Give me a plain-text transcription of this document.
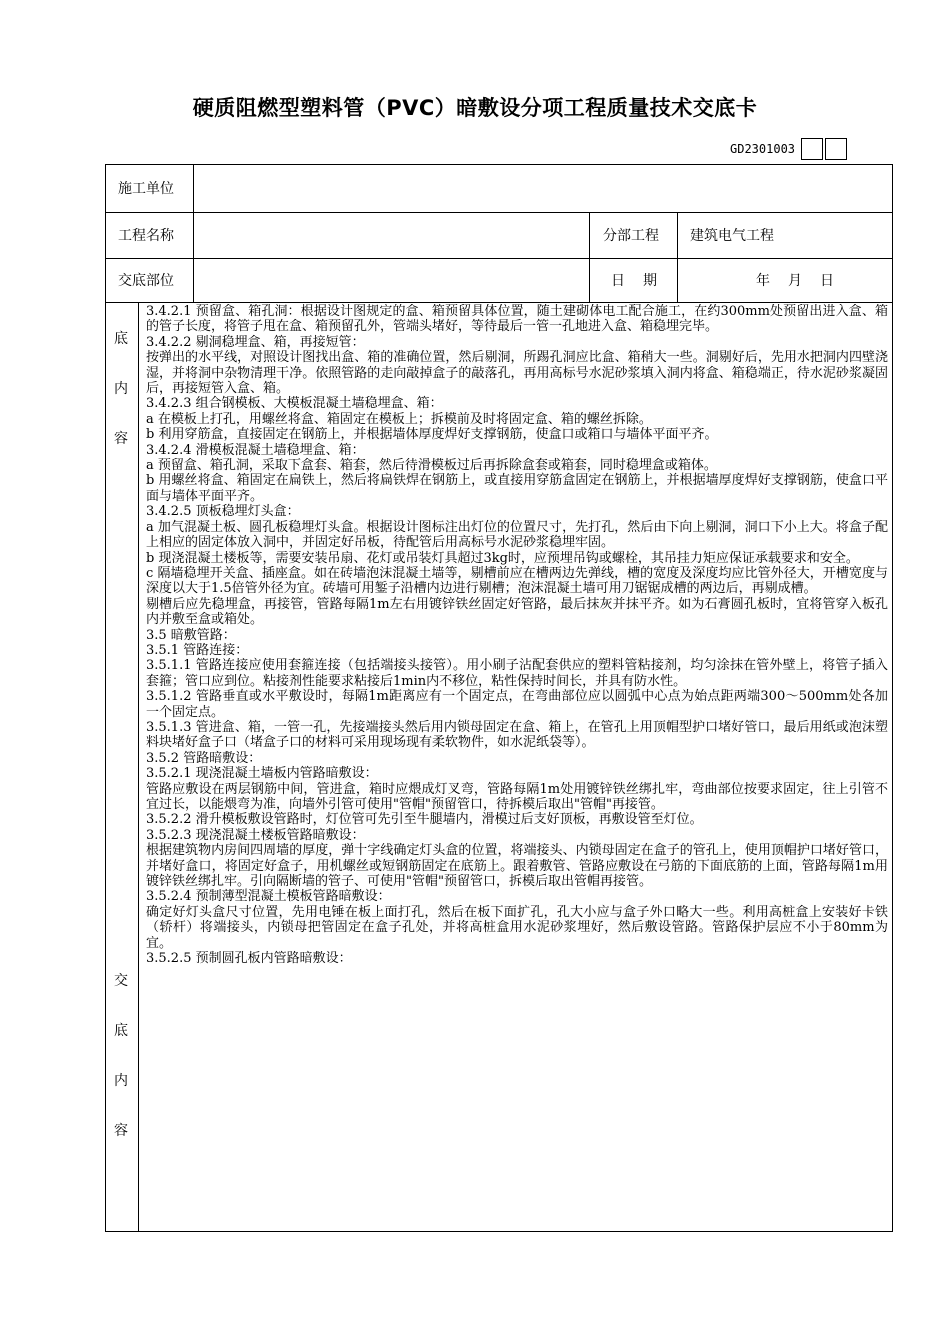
硬质阻燃型塑料管（PVC）暗敷设分项工程质量技术交底卡
GD2301003
施工单位
工程名称	分部工程 建筑电气工程
交底部位	日　期	年　月　日
底
内
容
交
底
内
容

3.4.2.1 预留盒、箱孔洞：根据设计图规定的盒、箱预留具体位置，随土建砌体电工配合施工，在约300mm处预留出进入盒、箱的管子长度，将管子甩在盒、箱预留孔外，管端头堵好，等待最后一管一孔地进入盒、箱稳埋完毕。

3.4.2.2 剔洞稳埋盒、箱，再接短管：

按弹出的水平线，对照设计图找出盒、箱的准确位置，然后剔洞，所踢孔洞应比盒、箱稍大一些。洞剔好后，先用水把洞内四壁浇湿，并将洞中杂物清理干净。依照管路的走向敲掉盒子的敲落孔，再用高标号水泥砂浆填入洞内将盒、箱稳端正，待水泥砂浆凝固后，再接短管入盒、箱。

3.4.2.3 组合钢模板、大模板混凝土墙稳埋盒、箱：

a 在模板上打孔，用螺丝将盒、箱固定在模板上；拆模前及时将固定盒、箱的螺丝拆除。

b 利用穿筋盒，直接固定在钢筋上，并根据墙体厚度焊好支撑钢筋，使盒口或箱口与墙体平面平齐。

3.4.2.4 滑模板混凝土墙稳埋盒、箱：

a 预留盒、箱孔洞，采取下盒套、箱套，然后待滑模板过后再拆除盒套或箱套，同时稳埋盒或箱体。

b 用螺丝将盒、箱固定在扁铁上，然后将扁铁焊在钢筋上，或直接用穿筋盒固定在钢筋上，并根据墙厚度焊好支撑钢筋，使盒口平面与墙体平面平齐。

3.4.2.5 顶板稳埋灯头盒：

a 加气混凝土板、圆孔板稳埋灯头盒。根据设计图标注出灯位的位置尺寸，先打孔，然后由下向上剔洞，洞口下小上大。将盒子配上相应的固定体放入洞中，并固定好吊板，待配管后用高标号水泥砂浆稳埋牢固。

b 现浇混凝土楼板等，需要安装吊扇、花灯或吊装灯具超过3kg时，应预埋吊钩或螺栓，其吊挂力矩应保证承载要求和安全。

c 隔墙稳埋开关盒、插座盒。如在砖墙泡沫混凝土墙等，剔槽前应在槽两边先弹线，槽的宽度及深度均应比管外径大，开槽宽度与深度以大于1.5倍管外径为宜。砖墙可用錾子沿槽内边进行剔槽；泡沫混凝土墙可用刀锯锯成槽的两边后，再剔成槽。

剔槽后应先稳埋盒，再接管，管路每隔1m左右用镀锌铁丝固定好管路，最后抹灰并抹平齐。如为石膏圆孔板时，宜将管穿入板孔内并敷至盒或箱处。

3.5 暗敷管路：

3.5.1 管路连接：

3.5.1.1 管路连接应使用套箍连接（包括端接头接管）。用小刷子沾配套供应的塑料管粘接剂，均匀涂抹在管外壁上，将管子插入套箍；管口应到位。粘接剂性能要求粘接后1min内不移位，粘性保持时间长，并具有防水性。

3.5.1.2 管路垂直或水平敷设时，每隔1m距离应有一个固定点，在弯曲部位应以圆弧中心点为始点距两端300～500mm处各加一个固定点。

3.5.1.3 管进盒、箱，一管一孔，先接端接头然后用内锁母固定在盒、箱上，在管孔上用顶帽型护口堵好管口，最后用纸或泡沫塑料块堵好盒子口（堵盒子口的材料可采用现场现有柔软物件，如水泥纸袋等）。

3.5.2 管路暗敷设：

3.5.2.1 现浇混凝土墙板内管路暗敷设：

管路应敷设在两层钢筋中间，管进盒，箱时应煨成灯叉弯，管路每隔1m处用镀锌铁丝绑扎牢，弯曲部位按要求固定，往上引管不宜过长，以能煨弯为准，向墙外引管可使用"管帽"预留管口，待拆模后取出"管帽"再接管。

3.5.2.2 滑升模板敷设管路时，灯位管可先引至牛腿墙内，滑模过后支好顶板，再敷设管至灯位。

3.5.2.3 现浇混凝土楼板管路暗敷设：

根据建筑物内房间四周墙的厚度，弹十字线确定灯头盒的位置，将端接头、内锁母固定在盒子的管孔上，使用顶帽护口堵好管口，并堵好盒口，将固定好盒子，用机螺丝或短钢筋固定在底筋上。跟着敷管、管路应敷设在弓筋的下面底筋的上面，管路每隔1m用镀锌铁丝绑扎牢。引向隔断墙的管子、可使用"管帽"预留管口，拆模后取出管帽再接管。

3.5.2.4 预制薄型混凝土模板管路暗敷设：

确定好灯头盒尺寸位置，先用电锤在板上面打孔，然后在板下面扩孔，孔大小应与盒子外口略大一些。利用高桩盒上安装好卡铁（轿杆）将端接头，内锁母把管固定在盒子孔处，并将高桩盒用水泥砂浆埋好，然后敷设管路。管路保护层应不小于80mm为宜。

3.5.2.5 预制圆孔板内管路暗敷设：
